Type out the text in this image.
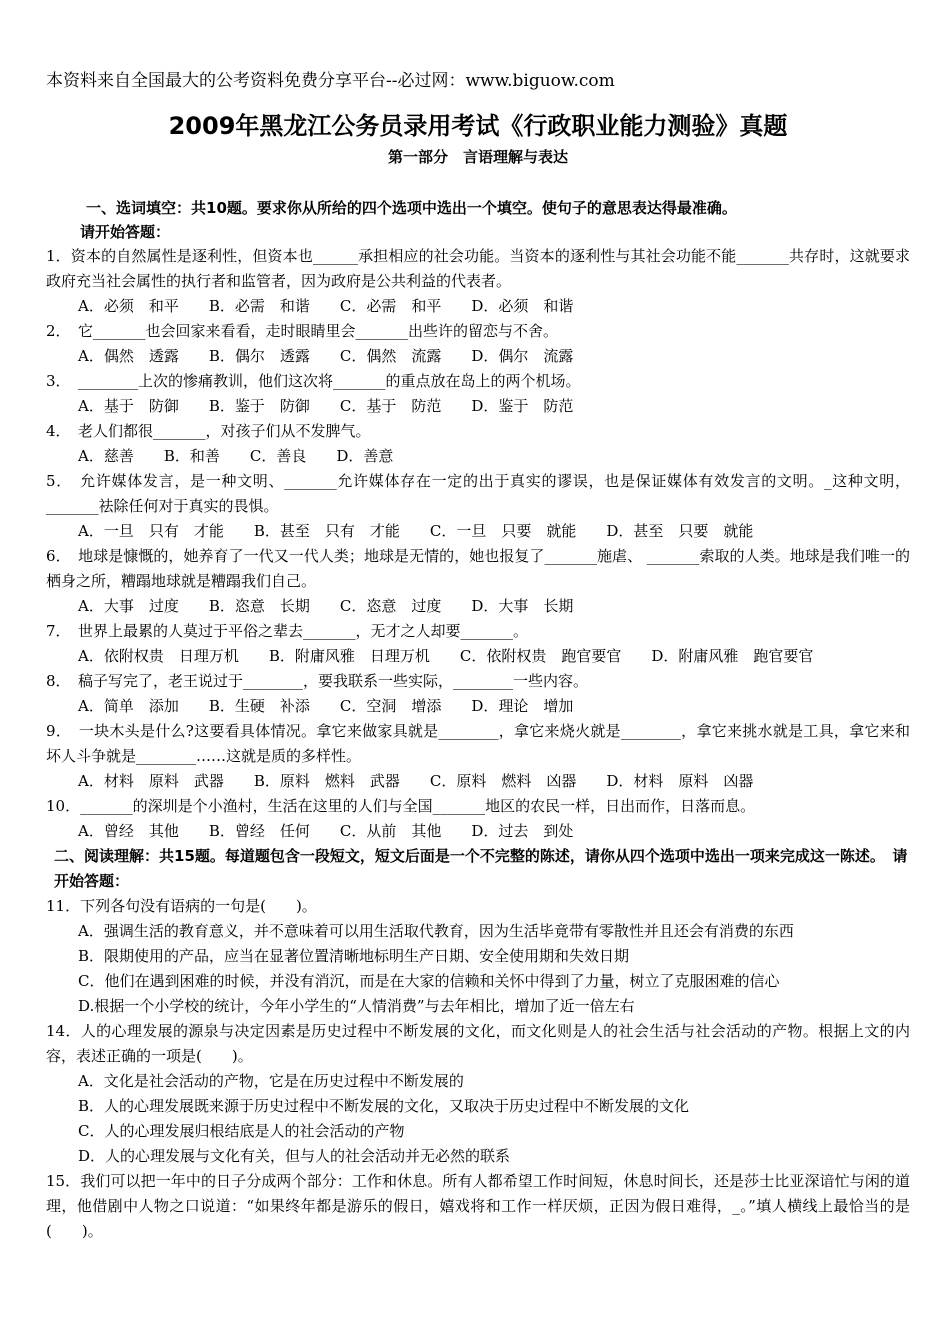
本资料来自全国最大的公考资料免费分享平台--必过网：www.biguow.com

2009年黑龙江公务员录用考试《行政职业能力测验》真题
第一部分　言语理解与表达
一、选词填空：共10题。要求你从所给的四个选项中选出一个填空。使句子的意思表达得最准确。
请开始答题：

1．资本的自然属性是逐利性，但资本也______承担相应的社会功能。当资本的逐利性与其社会功能不能_______共存时，这就要求政府充当社会属性的执行者和监管者，因为政府是公共利益的代表者。

A．必须　和平　　B．必需　和谐　　C．必需　和平　　D．必须　和谐

2．　它_______也会回家来看看，走时眼睛里会_______出些许的留恋与不舍。

A．偶然　透露　　B．偶尔　透露　　C．偶然　流露　　D．偶尔　流露

3．　________上次的惨痛教训，他们这次将_______的重点放在岛上的两个机场。

A．基于　防御　　B．鉴于　防御　　C．基于　防范　　D．鉴于　防范

4．　老人们都很_______，对孩子们从不发脾气。

A．慈善　　B．和善　　C．善良　　D．善意

5．　允许媒体发言，是一种文明、_______允许媒体存在一定的出于真实的谬误，也是保证媒体有效发言的文明。_这种文明，_______祛除任何对于真实的畏惧。

A．一旦　只有　才能　　B．甚至　只有　才能　　C．一旦　只要　就能　　D．甚至　只要　就能

6．　地球是慷慨的，她养育了一代又一代人类；地球是无情的，她也报复了_______施虐、 _______索取的人类。地球是我们唯一的栖身之所，糟蹋地球就是糟蹋我们自己。

A．大事　过度　　B．恣意　长期　　C．恣意　过度　　D．大事　长期

7．　世界上最累的人莫过于平俗之辈去_______，无才之人却要_______。

A．依附权贵　日理万机　　B．附庸风雅　日理万机　　C．依附权贵　跑官要官　　D．附庸风雅　跑官要官

8．　稿子写完了，老王说过于________，要我联系一些实际，________一些内容。

A．简单　添加　　B．生硬　补添　　C．空洞　增添　　D．理论　增加

9．　一块木头是什么?这要看具体情况。拿它来做家具就是________，拿它来烧火就是________，拿它来挑水就是工具，拿它来和坏人斗争就是________……这就是质的多样性。

A．材料　原料　武器　　B．原料　燃料　武器　　C．原料　燃料　凶器　　D．材料　原料　凶器

10．_______的深圳是个小渔村，生活在这里的人们与全国_______地区的农民一样，日出而作，日落而息。

A．曾经　其他　　B．曾经　任何　　C．从前　其他　　D．过去　到处
二、阅读理解：共15题。每道题包含一段短文，短文后面是一个不完整的陈述，请你从四个选项中选出一项来完成这一陈述。　请开始答题：

11．下列各句没有语病的一句是(　　)。

A．强调生活的教育意义，并不意味着可以用生活取代教育，因为生活毕竟带有零散性并且还会有消费的东西
B．限期使用的产品，应当在显著位置清晰地标明生产日期、安全使用期和失效日期
C．他们在遇到困难的时候，并没有消沉，而是在大家的信赖和关怀中得到了力量，树立了克服困难的信心
D.根据一个小学校的统计，今年小学生的“人情消费”与去年相比，增加了近一倍左右

14．人的心理发展的源泉与决定因素是历史过程中不断发展的文化，而文化则是人的社会生活与社会活动的产物。根据上文的内容，表述正确的一项是(　　)。

A．文化是社会活动的产物，它是在历史过程中不断发展的
B．人的心理发展既来源于历史过程中不断发展的文化，又取决于历史过程中不断发展的文化
C．人的心理发展归根结底是人的社会活动的产物
D．人的心理发展与文化有关，但与人的社会活动并无必然的联系

15．我们可以把一年中的日子分成两个部分：工作和休息。所有人都希望工作时间短，休息时间长，还是莎士比亚深谙忙与闲的道理，他借剧中人物之口说道：“如果终年都是游乐的假日，嬉戏将和工作一样厌烦，正因为假日难得，_。”填人横线上最恰当的是(　　)。
